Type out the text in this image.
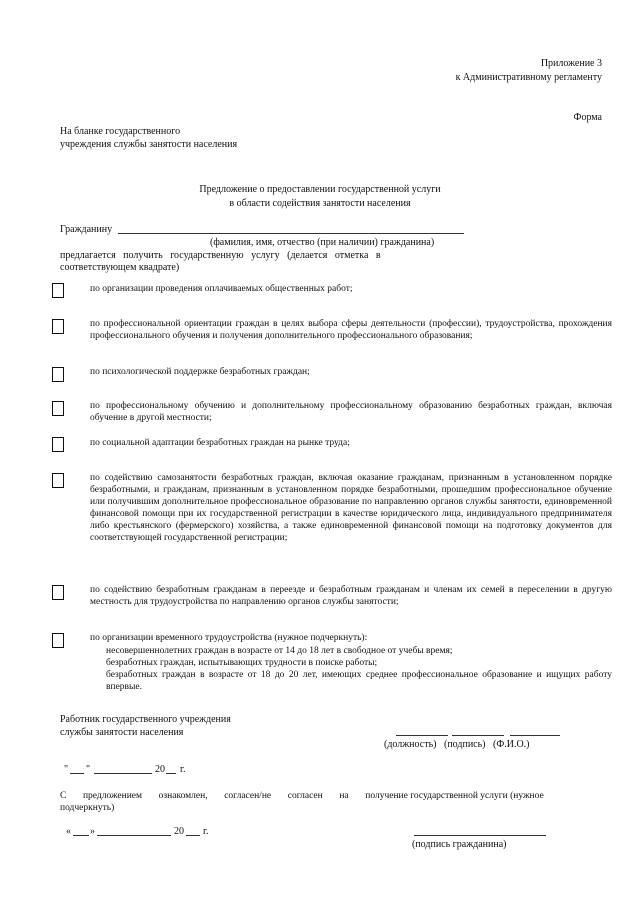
Приложение 3
к Административному регламенту
Форма
На бланке государственного
учреждения службы занятости населения
Предложение о предоставлении государственной услуги
в области содействия занятости населения
Гражданину
(фамилия, имя, отчество (при наличии) гражданина)
предлагается   получить   государственную   услугу   (делается   отметка   в
соответствующем квадрате)
по организации проведения оплачиваемых общественных работ;
по профессиональной ориентации граждан в целях выбора сферы деятельности (профессии), трудоустройства, прохождения профессионального обучения и получения дополнительного профессионального образования;
по психологической поддержке безработных граждан;
по профессиональному обучению и дополнительному профессиональному образованию безработных граждан, включая обучение в другой местности;
по социальной адаптации безработных граждан на рынке труда;
по содействию самозанятости безработных граждан, включая оказание гражданам, признанным в установленном порядке безработными, и гражданам, признанным в установленном порядке безработными, прошедшим профессиональное обучение или получившим дополнительное профессиональное образование по направлению органов службы занятости, единовременной финансовой помощи при их государственной регистрации в качестве юридического лица, индивидуального предпринимателя либо крестьянского (фермерского) хозяйства, а также единовременной финансовой помощи на подготовку документов для соответствующей государственной регистрации;
по содействию безработным гражданам в переезде и безработным гражданам и членам их семей в переселении в другую местность для трудоустройства по направлению органов службы занятости;
по организации временного трудоустройства (нужное подчеркнуть):
несовершеннолетних граждан в возрасте от 14 до 18 лет в свободное от учебы время;
безработных граждан, испытывающих трудности в поиске работы;
безработных граждан в возрасте от 18 до 20 лет, имеющих среднее профессиональное образование и ищущих работу впервые.
Работник государственного учреждения
службы занятости населения
(должность)   (подпись)   (Ф.И.О.)
" "	20 г.
С       предложением       ознакомлен,       согласен/не       согласен       на       получение государственной услуги (нужное
подчеркнуть)
« »	20 г.
(подпись гражданина)
